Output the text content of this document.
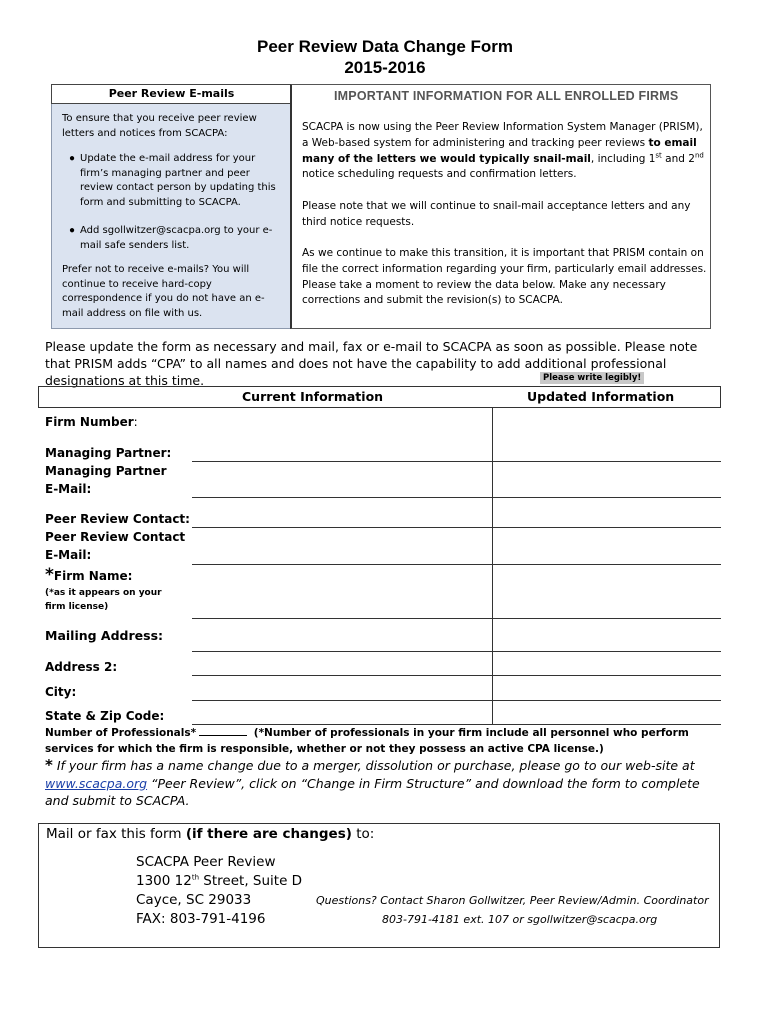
Peer Review Data Change Form
2015-2016
Peer Review E-mails
To ensure that you receive peer review letters and notices from SCACPA:
● Update the e-mail address for your firm’s managing partner and peer review contact person by updating this form and submitting to SCACPA.
● Add sgollwitzer@scacpa.org to your e-mail safe senders list.
Prefer not to receive e-mails? You will continue to receive hard-copy correspondence if you do not have an e-mail address on file with us.
IMPORTANT INFORMATION FOR ALL ENROLLED FIRMS
SCACPA is now using the Peer Review Information System Manager (PRISM), a Web-based system for administering and tracking peer reviews to email many of the letters we would typically snail-mail, including 1st and 2nd notice scheduling requests and confirmation letters.
Please note that we will continue to snail-mail acceptance letters and any third notice requests.
As we continue to make this transition, it is important that PRISM contain on file the correct information regarding your firm, particularly email addresses. Please take a moment to review the data below. Make any necessary corrections and submit the revision(s) to SCACPA.
Please update the form as necessary and mail, fax or e-mail to SCACPA as soon as possible. Please note that PRISM adds “CPA” to all names and does not have the capability to add additional professional designations at this time.	Please write legibly!
Current Information	Updated Information
Firm Number:
Managing Partner:
Managing Partner
E-Mail:
Peer Review Contact:
Peer Review Contact
E-Mail:
*Firm Name:
(*as it appears on your firm license)
Mailing Address:
Address 2:
City:
State & Zip Code:
Number of Professionals*	(*Number of professionals in your firm include all personnel who perform services for which the firm is responsible, whether or not they possess an active CPA license.)
* If your firm has a name change due to a merger, dissolution or purchase, please go to our web-site at www.scacpa.org “Peer Review”, click on “Change in Firm Structure” and download the form to complete and submit to SCACPA.
Mail or fax this form (if there are changes) to:
SCACPA Peer Review
1300 12th Street, Suite D
Cayce, SC 29033
FAX: 803-791-4196
Questions? Contact Sharon Gollwitzer, Peer Review/Admin. Coordinator
803-791-4181 ext. 107 or sgollwitzer@scacpa.org
